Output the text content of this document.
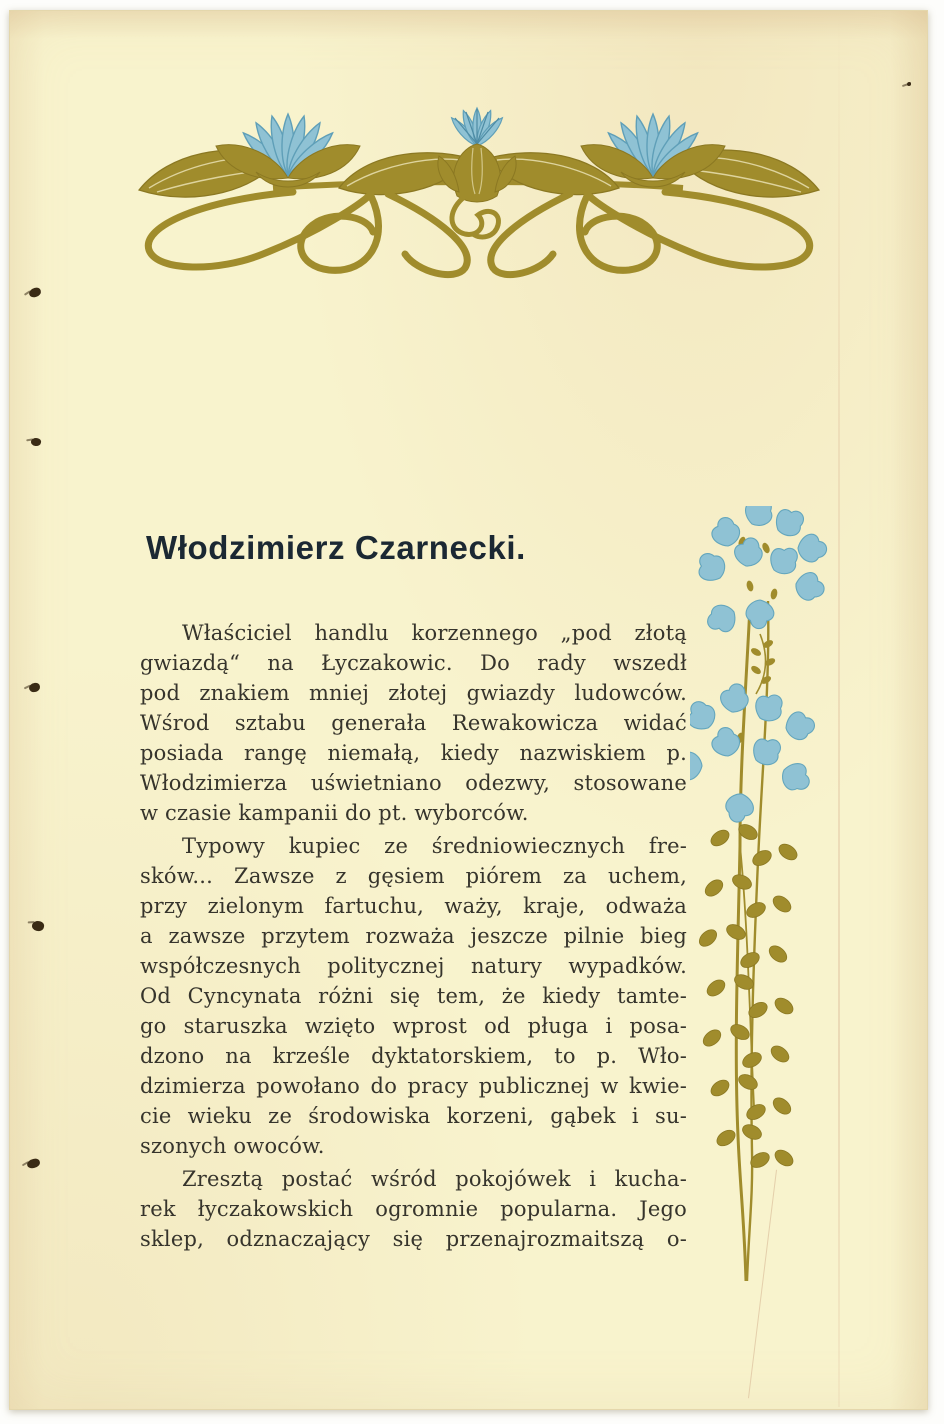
Włodzimierz Czarnecki.
Właściciel handlu korzennego „pod złotą
gwiazdą“ na Łyczakowic. Do rady wszedł
pod znakiem mniej złotej gwiazdy ludowców.
Wśrod sztabu generała Rewakowicza widać
posiada rangę niemałą, kiedy nazwiskiem p.
Włodzimierza uświetniano odezwy, stosowane
w czasie kampanii do pt. wyborców.
Typowy kupiec ze średniowiecznych fre-
sków... Zawsze z gęsiem piórem za uchem,
przy zielonym fartuchu, waży, kraje, odważa
a zawsze przytem rozważa jeszcze pilnie bieg
współczesnych politycznej natury wypadków.
Od Cyncynata różni się tem, że kiedy tamte-
go staruszka wzięto wprost od pługa i posa-
dzono na krześle dyktatorskiem, to p. Wło-
dzimierza powołano do pracy publicznej w kwie-
cie wieku ze środowiska korzeni, gąbek i su-
szonych owoców.
Zresztą postać wśród pokojówek i kucha-
rek łyczakowskich ogromnie popularna. Jego
sklep, odznaczający się przenajrozmaitszą o-
